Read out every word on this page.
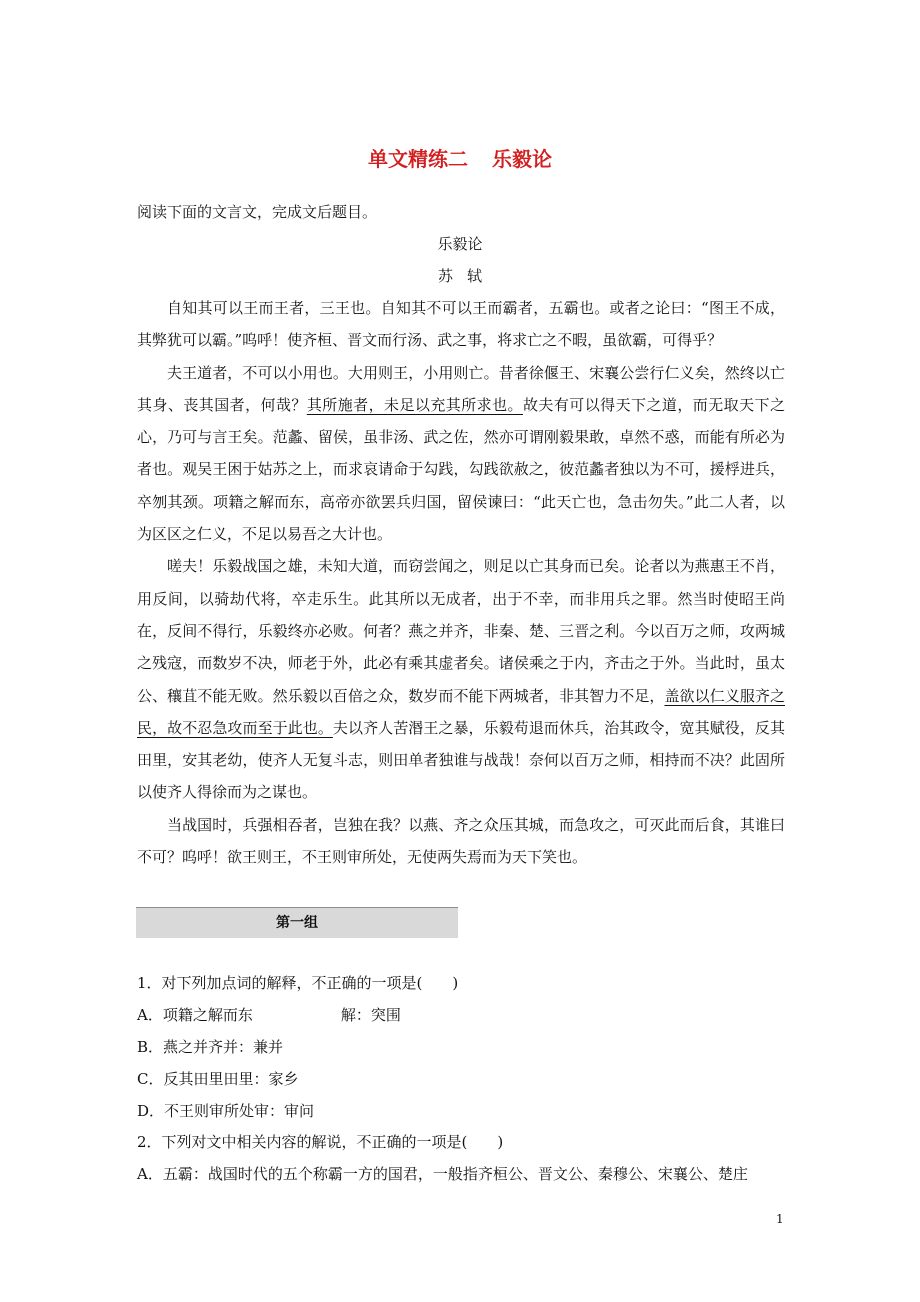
单文精练二 乐毅论
阅读下面的文言文，完成文后题目。
乐毅论
苏轼

自知其可以王而王者，三王也。自知其不可以王而霸者，五霸也。或者之论曰：“图王不成，其弊犹可以霸。”呜呼！使齐桓、晋文而行汤、武之事，将求亡之不暇，虽欲霸，可得乎？

夫王道者，不可以小用也。大用则王，小用则亡。昔者徐偃王、宋襄公尝行仁义矣，然终以亡其身、丧其国者，何哉？其所施者，未足以充其所求也。故夫有可以得天下之道，而无取天下之心，乃可与言王矣。范蠡、留侯，虽非汤、武之佐，然亦可谓刚毅果敢，卓然不惑，而能有所必为者也。观吴王困于姑苏之上，而求哀请命于勾践，勾践欲赦之，彼范蠡者独以为不可，援桴进兵，卒刎其颈。项籍之解而东，高帝亦欲罢兵归国，留侯谏曰：“此天亡也，急击勿失。”此二人者，以为区区之仁义，不足以易吾之大计也。

嗟夫！乐毅战国之雄，未知大道，而窃尝闻之，则足以亡其身而已矣。论者以为燕惠王不肖，用反间，以骑劫代将，卒走乐生。此其所以无成者，出于不幸，而非用兵之罪。然当时使昭王尚在，反间不得行，乐毅终亦必败。何者？燕之并齐，非秦、楚、三晋之利。今以百万之师，攻两城之残寇，而数岁不决，师老于外，此必有乘其虚者矣。诸侯乘之于内，齐击之于外。当此时，虽太公、穰苴不能无败。然乐毅以百倍之众，数岁而不能下两城者，非其智力不足，盖欲以仁义服齐之民，故不忍急攻而至于此也。夫以齐人苦湣王之暴，乐毅苟退而休兵，治其政令，宽其赋役，反其田里，安其老幼，使齐人无复斗志，则田单者独谁与战哉！奈何以百万之师，相持而不决？此固所以使齐人得徐而为之谋也。

当战国时，兵强相吞者，岂独在我？以燕、齐之众压其城，而急攻之，可灭此而后食，其谁曰不可？呜呼！欲王则王，不王则审所处，无使两失焉而为天下笑也。

第一组
1．对下列加点词的解释，不正确的一项是(　　)
A．项籍之解而东	解：突围
B．燕之并齐并：兼并
C．反其田里田里：家乡
D．不王则审所处审：审问
2．下列对文中相关内容的解说，不正确的一项是(　　)
A．五霸：战国时代的五个称霸一方的国君，一般指齐桓公、晋文公、秦穆公、宋襄公、楚庄
1
